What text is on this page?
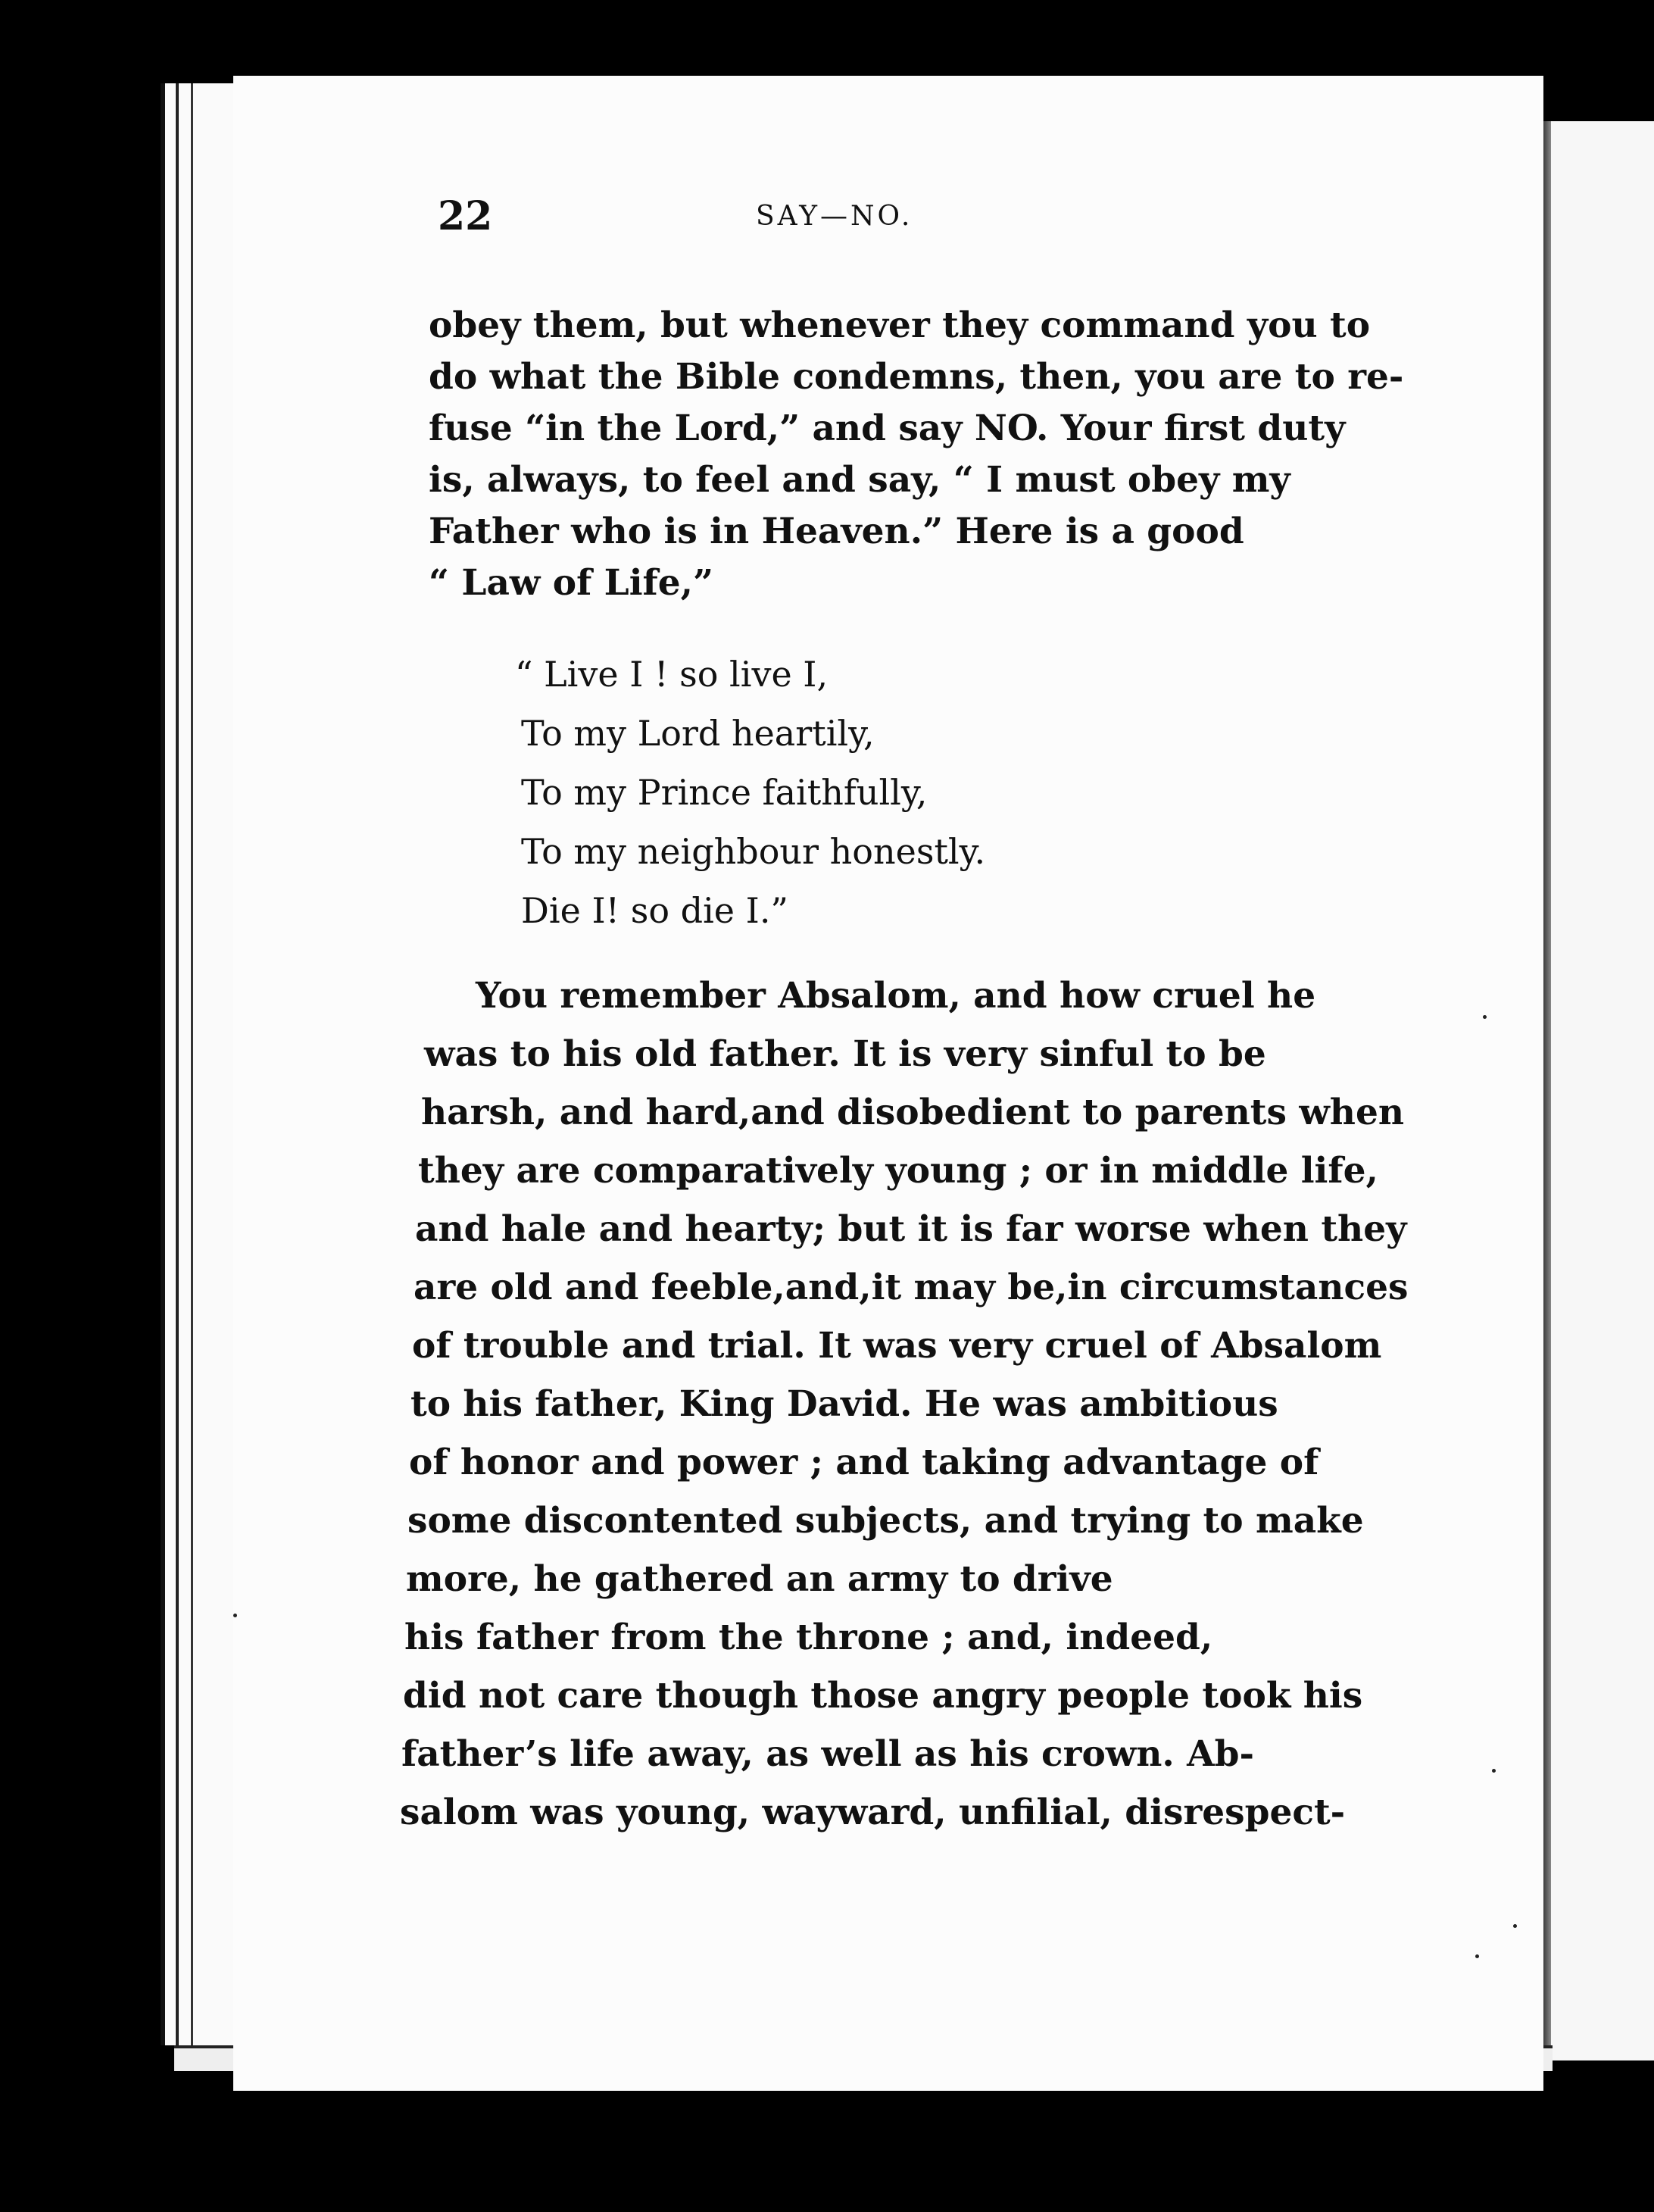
22	SAY—NO.
obey them, but whenever they command you to
do what the Bible condemns, then, you are to re-
fuse “in the Lord,” and say NO. Your first duty
is, always, to feel and say, “ I must obey my
Father who is in Heaven.” Here is a good
“ Law of Life,”
“ Live I ! so live I,
To my Lord heartily,
To my Prince faithfully,
To my neighbour honestly.
Die I! so die I.”
You remember Absalom, and how cruel he
was to his old father. It is very sinful to be
harsh, and hard,and disobedient to parents when
they are comparatively young ; or in middle life,
and hale and hearty; but it is far worse when they
are old and feeble,and,it may be,in circumstances
of trouble and trial. It was very cruel of Absalom
to his father, King David. He was ambitious
of honor and power ; and taking advantage of
some discontented subjects, and trying to make
more, he gathered an army to drive
his father from the throne ; and, indeed,
did not care though those angry people took his
father’s life away, as well as his crown. Ab-
salom was young, wayward, unfilial, disrespect-
